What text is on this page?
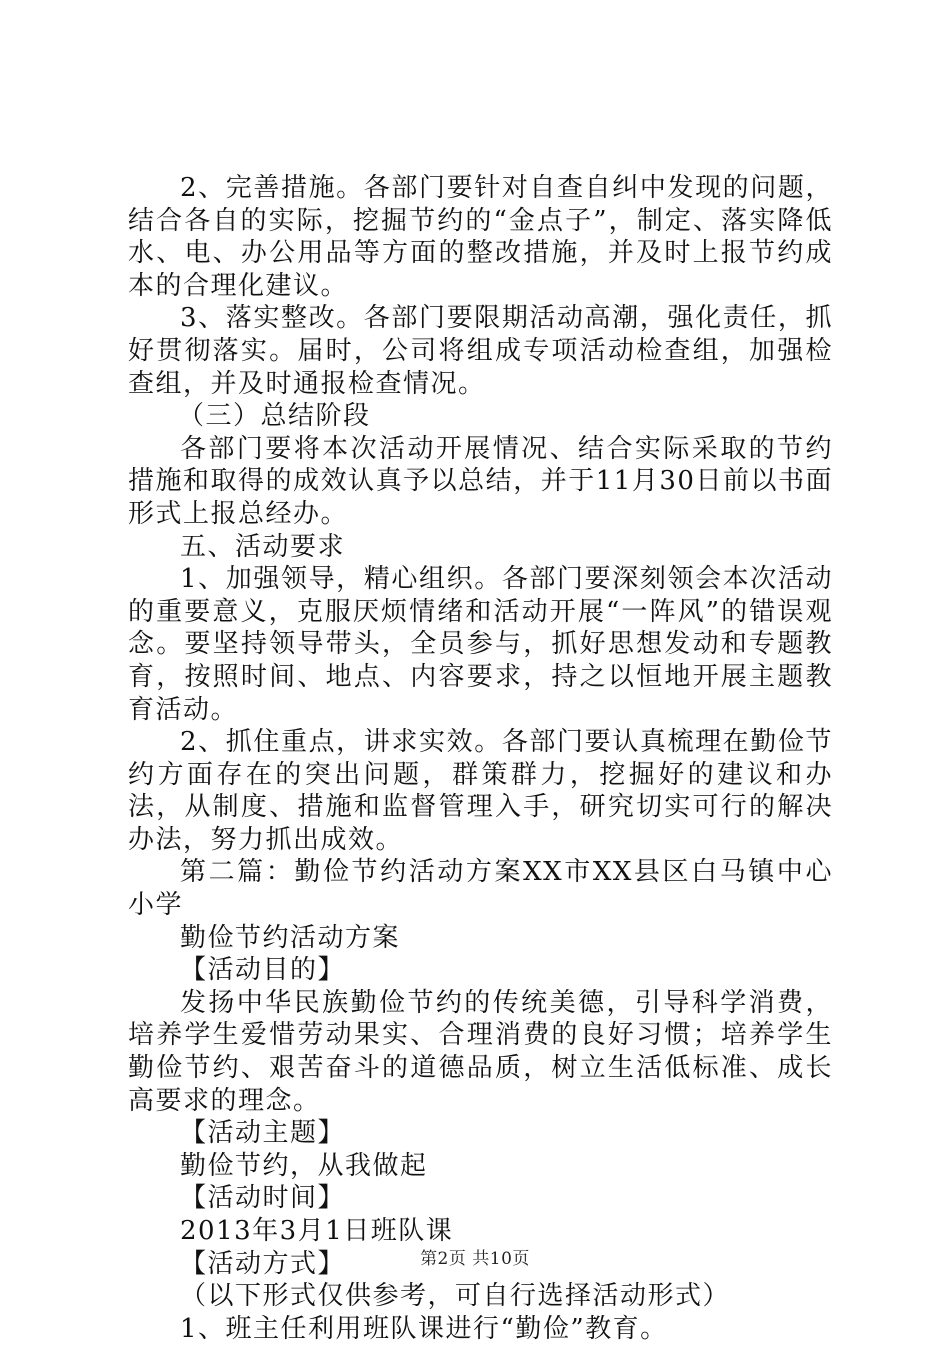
2、完善措施。各部门要针对自查自纠中发现的问题，结合各自的实际，挖掘节约的“金点子”，制定、落实降低水、电、办公用品等方面的整改措施，并及时上报节约成本的合理化建议。

3、落实整改。各部门要限期活动高潮，强化责任，抓好贯彻落实。届时，公司将组成专项活动检查组，加强检查组，并及时通报检查情况。

（三）总结阶段

各部门要将本次活动开展情况、结合实际采取的节约措施和取得的成效认真予以总结，并于11月30日前以书面形式上报总经办。

五、活动要求

1、加强领导，精心组织。各部门要深刻领会本次活动的重要意义，克服厌烦情绪和活动开展“一阵风”的错误观念。要坚持领导带头，全员参与，抓好思想发动和专题教育，按照时间、地点、内容要求，持之以恒地开展主题教育活动。

2、抓住重点，讲求实效。各部门要认真梳理在勤俭节约方面存在的突出问题，群策群力，挖掘好的建议和办法，从制度、措施和监督管理入手，研究切实可行的解决办法，努力抓出成效。

第二篇：勤俭节约活动方案XX市XX县区白马镇中心小学

勤俭节约活动方案

【活动目的】

发扬中华民族勤俭节约的传统美德，引导科学消费，培养学生爱惜劳动果实、合理消费的良好习惯；培养学生勤俭节约、艰苦奋斗的道德品质，树立生活低标准、成长高要求的理念。

【活动主题】

勤俭节约，从我做起

【活动时间】

2013年3月1日班队课

【活动方式】

（以下形式仅供参考，可自行选择活动形式）

1、班主任利用班队课进行“勤俭”教育。

第2页 共10页
